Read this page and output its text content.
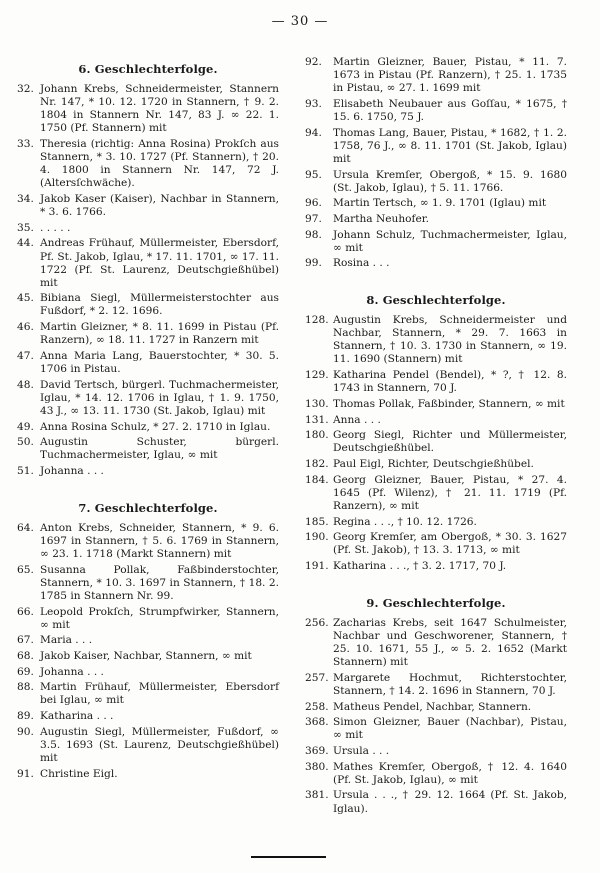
— 30 —
6. Geschlechterfolge.
32. Johann Krebs, Schneidermeister, Stannern Nr. 147, * 10. 12. 1720 in Stannern, † 9. 2. 1804 in Stannern Nr. 147, 83 J. ∞ 22. 1. 1750 (Pf. Stannern) mit
33. Theresia (richtig: Anna Rosina) Prokſch aus Stannern, * 3. 10. 1727 (Pf. Stannern), † 20. 4. 1800 in Stannern Nr. 147, 72 J. (Altersſchwäche).
34. Jakob Kaser (Kaiser), Nachbar in Stannern, * 3. 6. 1766.
35. . . . . .
44. Andreas Frühauf, Müllermeister, Ebersdorf, Pf. St. Jakob, Iglau, * 17. 11. 1701, ∞ 17. 11. 1722 (Pf. St. Laurenz, Deutschgießhübel) mit
45. Bibiana Siegl, Müllermeisterstochter aus Fußdorf, * 2. 12. 1696.
46. Martin Gleizner, * 8. 11. 1699 in Pistau (Pf. Ranzern), ∞ 18. 11. 1727 in Ranzern mit
47. Anna Maria Lang, Bauerstochter, * 30. 5. 1706 in Pistau.
48. David Tertsch, bürgerl. Tuchmachermeister, Iglau, * 14. 12. 1706 in Iglau, † 1. 9. 1750, 43 J., ∞ 13. 11. 1730 (St. Jakob, Iglau) mit
49. Anna Rosina Schulz, * 27. 2. 1710 in Iglau.
50. Augustin Schuster, bürgerl. Tuchmachermeister, Iglau, ∞ mit
51. Johanna . . .
7. Geschlechterfolge.
64. Anton Krebs, Schneider, Stannern, * 9. 6. 1697 in Stannern, † 5. 6. 1769 in Stannern, ∞ 23. 1. 1718 (Markt Stannern) mit
65. Susanna Pollak, Faßbinderstochter, Stannern, * 10. 3. 1697 in Stannern, † 18. 2. 1785 in Stannern Nr. 99.
66. Leopold Prokſch, Strumpfwirker, Stannern, ∞ mit
67. Maria . . .
68. Jakob Kaiser, Nachbar, Stannern, ∞ mit
69. Johanna . . .
88. Martin Frühauf, Müllermeister, Ebersdorf bei Iglau, ∞ mit
89. Katharina . . .
90. Augustin Siegl, Müllermeister, Fußdorf, ∞ 3.5. 1693 (St. Laurenz, Deutschgießhübel) mit
91. Christine Eigl.
92.	Martin Gleizner, Bauer, Pistau, * 11. 7. 1673 in Pistau (Pf. Ranzern), † 25. 1. 1735 in Pistau, ∞ 27. 1. 1699 mit
93.	Elisabeth Neubauer aus Goſſau, * 1675, † 15. 6. 1750, 75 J.
94.	Thomas Lang, Bauer, Pistau, * 1682, † 1. 2. 1758, 76 J., ∞ 8. 11. 1701 (St. Jakob, Iglau) mit
95.	Ursula Kremſer, Obergoß, * 15. 9. 1680 (St. Jakob, Iglau), † 5. 11. 1766.
96.	Martin Tertsch, ∞ 1. 9. 1701 (Iglau) mit
97.	Martha Neuhofer.
98.	Johann Schulz, Tuchmachermeister, Iglau, ∞ mit
99.	Rosina . . .
8. Geschlechterfolge.
128. Augustin Krebs, Schneidermeister und Nachbar, Stannern, * 29. 7. 1663 in Stannern, † 10. 3. 1730 in Stannern, ∞ 19. 11. 1690 (Stannern) mit
129. Katharina Pendel (Bendel), * ?, † 12. 8. 1743 in Stannern, 70 J.
130. Thomas Pollak, Faßbinder, Stannern, ∞ mit
131. Anna . . .
180. Georg Siegl, Richter und Müllermeister, Deutschgießhübel.
182. Paul Eigl, Richter, Deutschgießhübel.
184. Georg Gleizner, Bauer, Pistau, * 27. 4. 1645 (Pf. Wilenz), † 21. 11. 1719 (Pf. Ranzern), ∞ mit
185. Regina . . ., † 10. 12. 1726.
190. Georg Kremſer, am Obergoß, * 30. 3. 1627 (Pf. St. Jakob), † 13. 3. 1713, ∞ mit
191. Katharina . . ., † 3. 2. 1717, 70 J.
9. Geschlechterfolge.
256. Zacharias Krebs, seit 1647 Schulmeister, Nachbar und Geschworener, Stannern, † 25. 10. 1671, 55 J., ∞ 5. 2. 1652 (Markt Stannern) mit
257. Margarete Hochmut, Richterstochter, Stannern, † 14. 2. 1696 in Stannern, 70 J.
258. Matheus Pendel, Nachbar, Stannern.
368. Simon Gleizner, Bauer (Nachbar), Pistau, ∞ mit
369. Ursula . . .
380. Mathes Kremſer, Obergoß, † 12. 4. 1640 (Pf. St. Jakob, Iglau), ∞ mit
381. Ursula . . ., † 29. 12. 1664 (Pf. St. Jakob, Iglau).
